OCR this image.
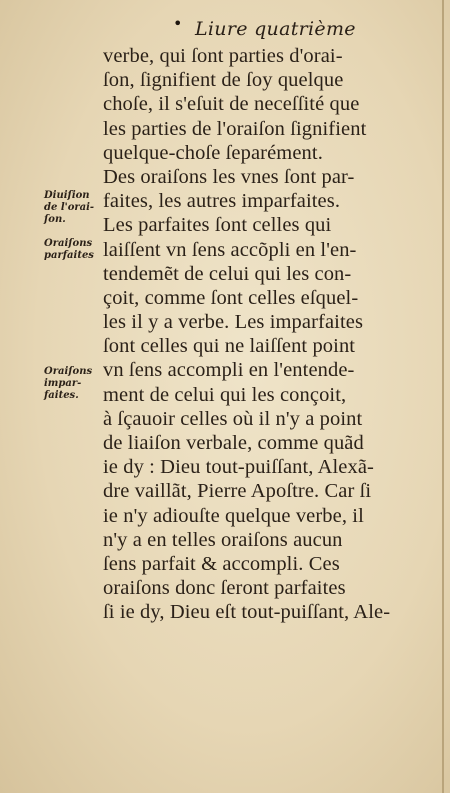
• Liure quatrième
Diuiſion
de l'orai-
ſon.
Oraiſons
parfaites
Oraiſons
impar-
faites.
verbe, qui ſont parties d'orai-
ſon, ſignifient de ſoy quelque
choſe, il s'eſuit de neceſſité que
les parties de l'oraiſon ſignifient
quelque-choſe ſeparément.
Des oraiſons les vnes ſont par-
faites, les autres imparfaites.
Les parfaites ſont celles qui
laiſſent vn ſens accõpli en l'en-
tendemẽt de celui qui les con-
çoit, comme ſont celles eſquel-
les il y a verbe. Les imparfaites
ſont celles qui ne laiſſent point
vn ſens accompli en l'entende-
ment de celui qui les conçoit,
à ſçauoir celles où il n'y a point
de liaiſon verbale, comme quãd
ie dy : Dieu tout-puiſſant, Alexã-
dre vaillãt, Pierre Apoſtre. Car ſi
ie n'y adiouſte quelque verbe, il
n'y a en telles oraiſons aucun
ſens parfait & accompli. Ces
oraiſons donc ſeront parfaites
ſi ie dy, Dieu eſt tout-puiſſant, Ale-
